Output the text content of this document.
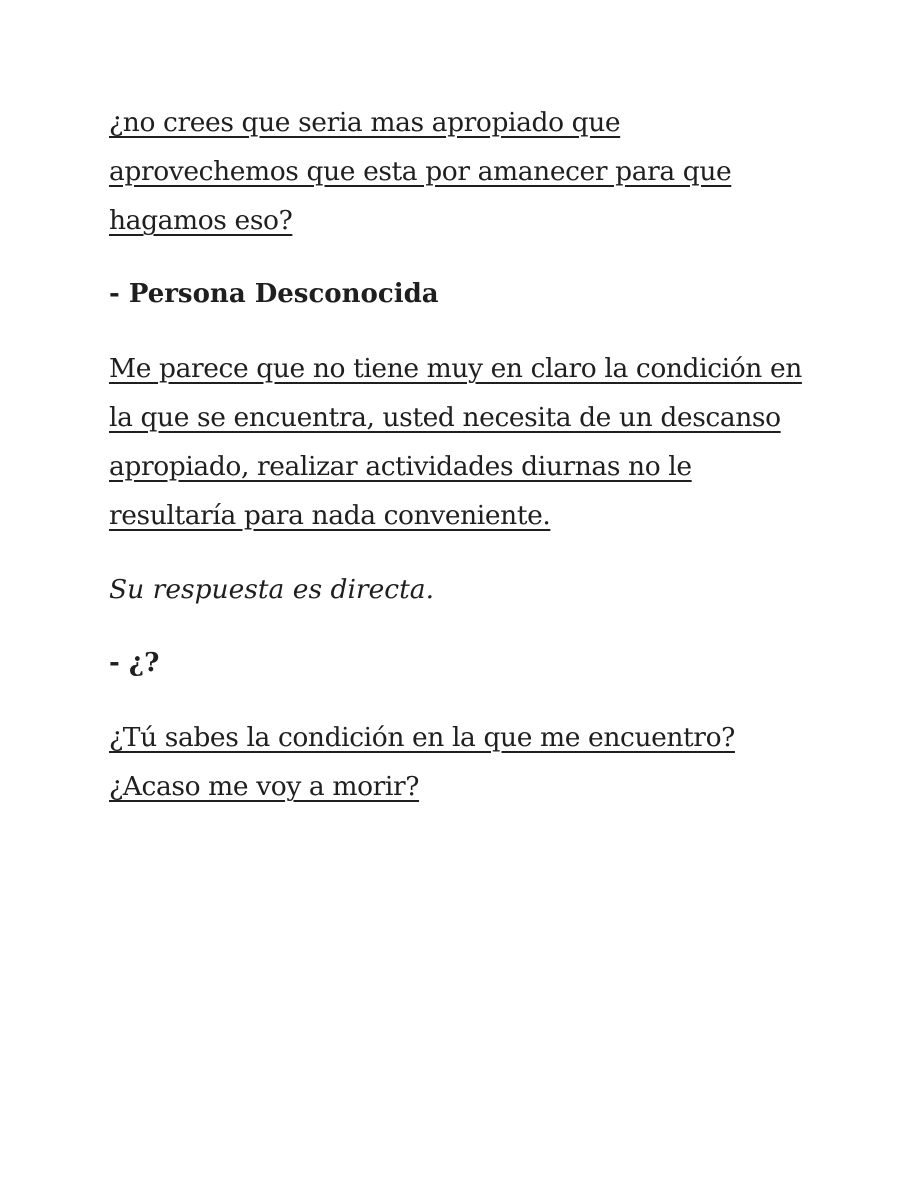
¿no crees que seria mas apropiado que aprovechemos que esta por amanecer para que hagamos eso?

- Persona Desconocida

Me parece que no tiene muy en claro la condición en la que se encuentra, usted necesita de un descanso apropiado, realizar actividades diurnas no le resultaría para nada conveniente.

Su respuesta es directa.

- ¿?

¿Tú sabes la condición en la que me encuentro? ¿Acaso me voy a morir?
